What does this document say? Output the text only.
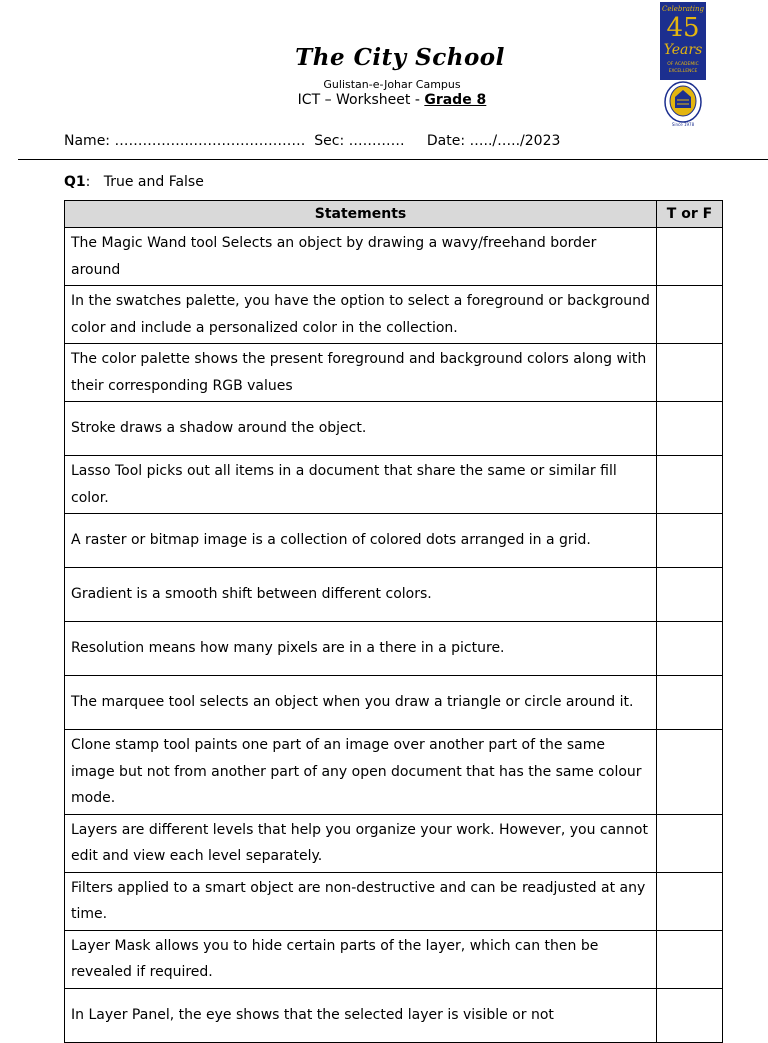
The City School
Gulistan-e-Johar Campus
ICT – Worksheet - Grade 8
Celebrating
45
Years
OF ACADEMIC
EXCELLENCE
Since 1978
Name: ……………..……………………  Sec: …………     Date: …../…../2023
Q1:   True and False
Statements	T or F
The Magic Wand tool Selects an object by drawing a wavy/freehand border around	
In the swatches palette, you have the option to select a foreground or background color and include a personalized color in the collection.	
The color palette shows the present foreground and background colors along with their corresponding RGB values	
Stroke draws a shadow around the object.	
Lasso Tool picks out all items in a document that share the same or similar fill color.	
A raster or bitmap image is a collection of colored dots arranged in a grid.	
Gradient is a smooth shift between different colors.	
Resolution means how many pixels are in a there in a picture.	
The marquee tool selects an object when you draw a triangle or circle around it.	
Clone stamp tool paints one part of an image over another part of the same image but not from another part of any open document that has the same colour mode.	
Layers are different levels that help you organize your work. However, you cannot edit and view each level separately.	
Filters applied to a smart object are non-destructive and can be readjusted at any time.	
Layer Mask allows you to hide certain parts of the layer, which can then be revealed if required.	
In Layer Panel, the eye shows that the selected layer is visible or not	
